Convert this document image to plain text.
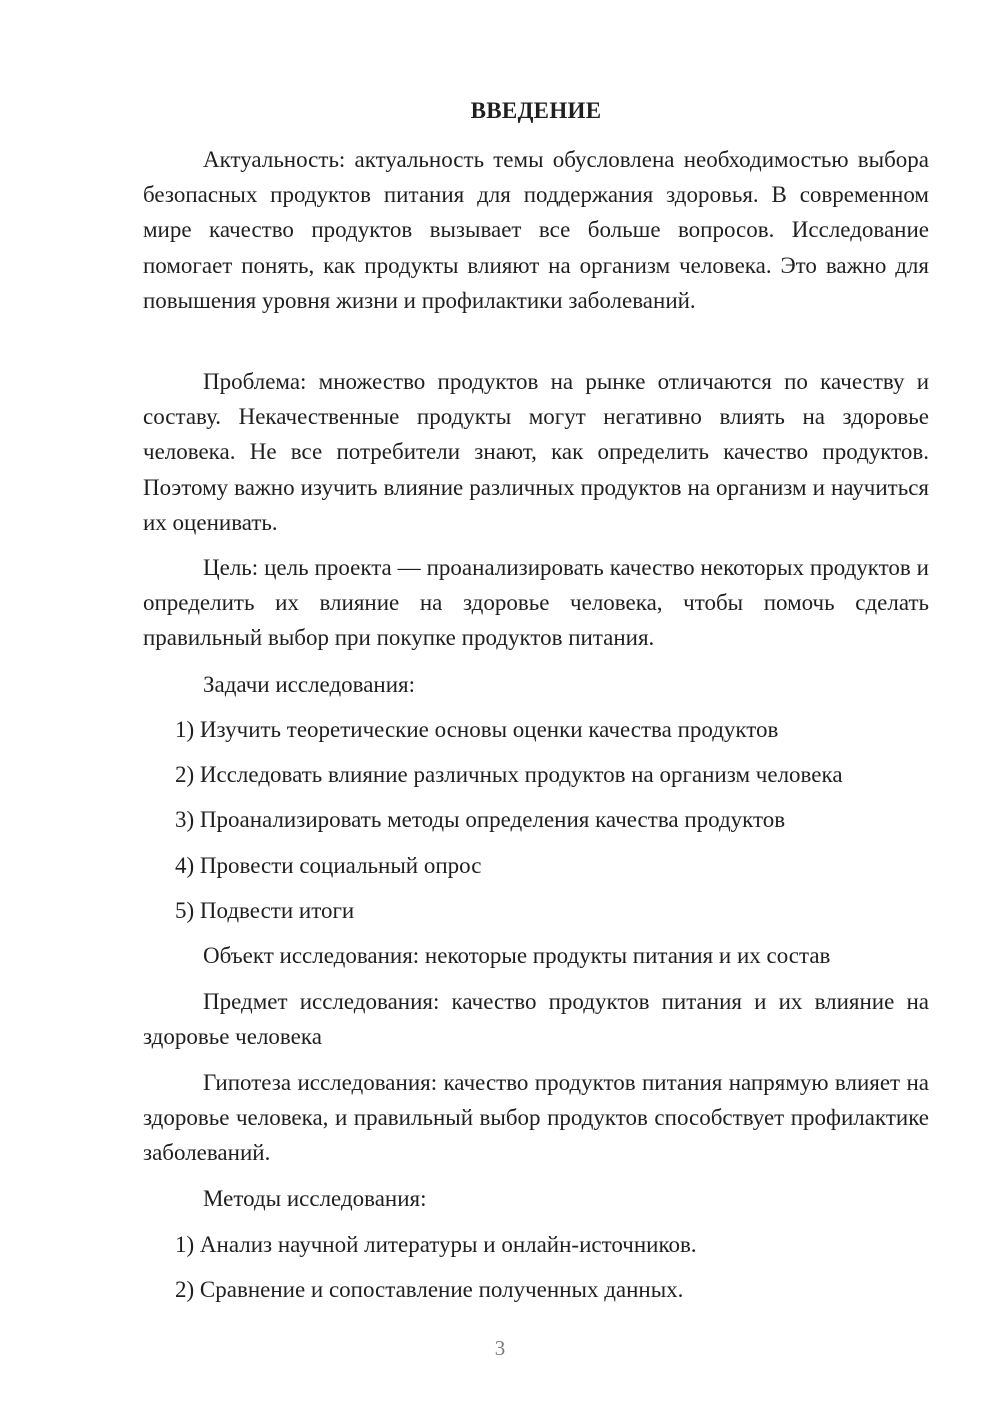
ВВЕДЕНИЕ

Актуальность: актуальность темы обусловлена необходимостью выбора безопасных продуктов питания для поддержания здоровья. В современном мире качество продуктов вызывает все больше вопросов. Исследование помогает понять, как продукты влияют на организм человека. Это важно для повышения уровня жизни и профилактики заболеваний.

Проблема: множество продуктов на рынке отличаются по качеству и составу. Некачественные продукты могут негативно влиять на здоровье человека. Не все потребители знают, как определить качество продуктов. Поэтому важно изучить влияние различных продуктов на организм и научиться их оценивать.

Цель: цель проекта — проанализировать качество некоторых продуктов и определить их влияние на здоровье человека, чтобы помочь сделать правильный выбор при покупке продуктов питания.

Задачи исследования:

1) Изучить теоретические основы оценки качества продуктов

2) Исследовать влияние различных продуктов на организм человека

3) Проанализировать методы определения качества продуктов

4) Провести социальный опрос

5) Подвести итоги

Объект исследования: некоторые продукты питания и их состав

Предмет исследования: качество продуктов питания и их влияние на здоровье человека

Гипотеза исследования: качество продуктов питания напрямую влияет на здоровье человека, и правильный выбор продуктов способствует профилактике заболеваний.

Методы исследования:

1) Анализ научной литературы и онлайн-источников.

2) Сравнение и сопоставление полученных данных.

3
